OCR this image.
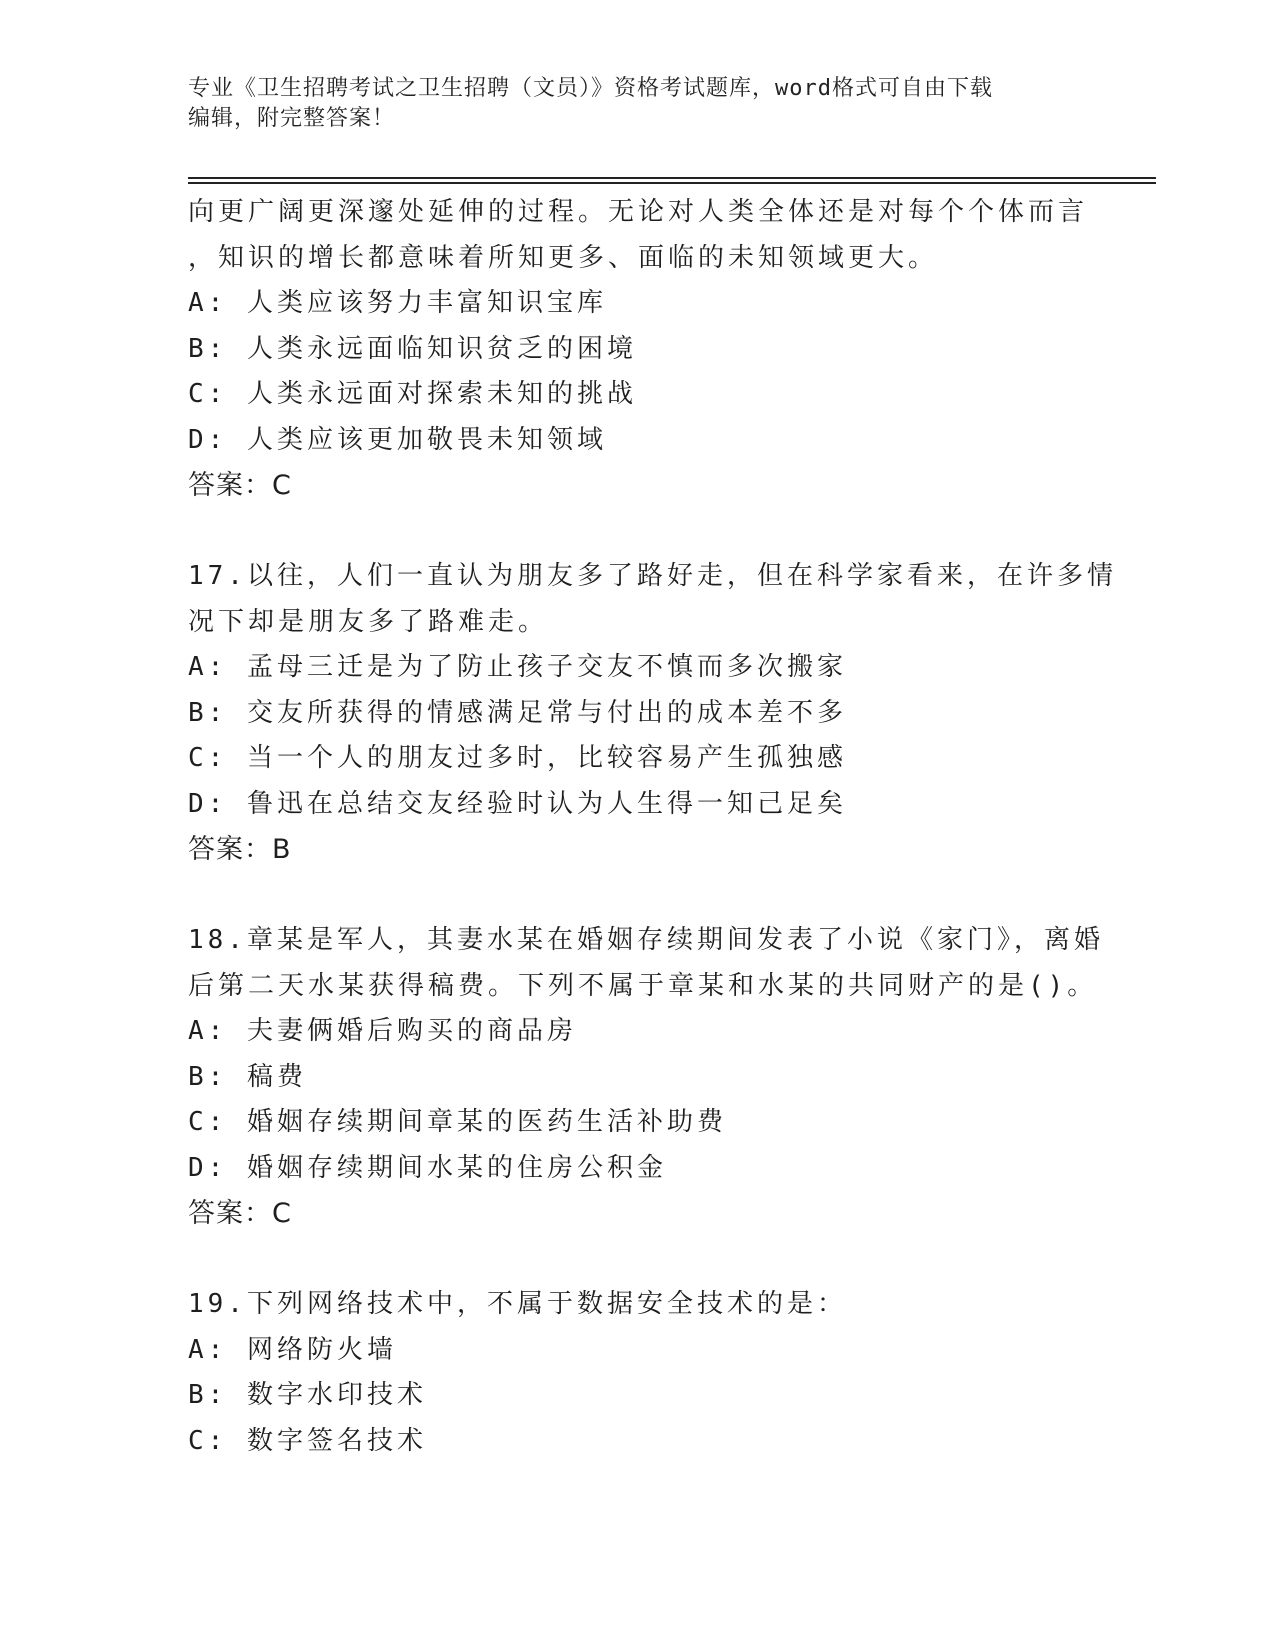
专业《卫生招聘考试之卫生招聘（文员）》资格考试题库，word格式可自由下载
编辑，附完整答案！
向更广阔更深邃处延伸的过程。无论对人类全体还是对每个个体而言
，知识的增长都意味着所知更多、面临的未知领域更大。
A: 人类应该努力丰富知识宝库
B: 人类永远面临知识贫乏的困境
C: 人类永远面对探索未知的挑战
D: 人类应该更加敬畏未知领域
答案：C
17.以往，人们一直认为朋友多了路好走，但在科学家看来，在许多情
况下却是朋友多了路难走。
A: 孟母三迁是为了防止孩子交友不慎而多次搬家
B: 交友所获得的情感满足常与付出的成本差不多
C: 当一个人的朋友过多时，比较容易产生孤独感
D: 鲁迅在总结交友经验时认为人生得一知己足矣
答案：B
18.章某是军人，其妻水某在婚姻存续期间发表了小说《家门》，离婚
后第二天水某获得稿费。下列不属于章某和水某的共同财产的是()。
A: 夫妻俩婚后购买的商品房
B: 稿费
C: 婚姻存续期间章某的医药生活补助费
D: 婚姻存续期间水某的住房公积金
答案：C
19.下列网络技术中，不属于数据安全技术的是：
A: 网络防火墙
B: 数字水印技术
C: 数字签名技术
